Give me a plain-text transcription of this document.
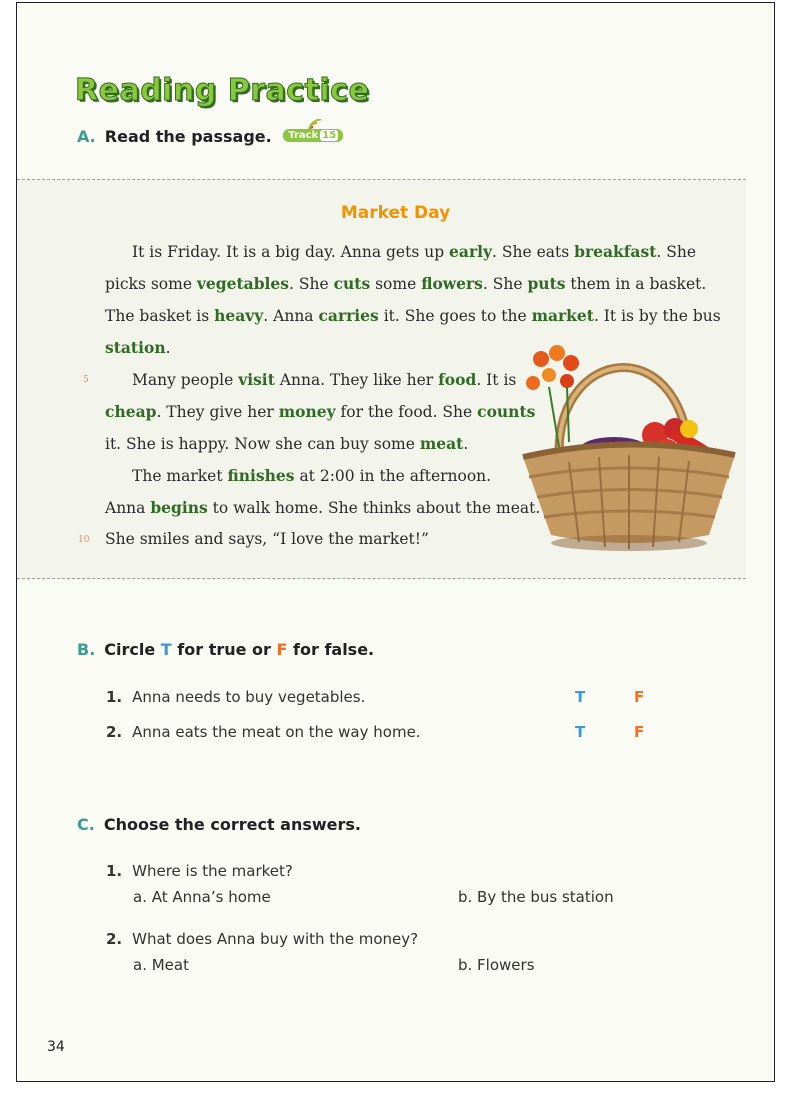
Reading Practice
A. Read the passage. Track 15
Market Day
It is Friday. It is a big day. Anna gets up early. She eats breakfast. She
picks some vegetables. She cuts some flowers. She puts them in a basket.
The basket is heavy. Anna carries it. She goes to the market. It is by the bus
station.
Many people visit Anna. They like her food. It is
cheap. They give her money for the food. She counts
it. She is happy. Now she can buy some meat.
The market finishes at 2:00 in the afternoon.
Anna begins to walk home. She thinks about the meat.
She smiles and says, “I love the market!”
5
10
B. Circle T for true or F for false.
1. Anna needs to buy vegetables.	T	F
2. Anna eats the meat on the way home.	T	F
C. Choose the correct answers.
1. Where is the market?
a. At Anna’s home	b. By the bus station
2. What does Anna buy with the money?
a. Meat	b. Flowers
34
